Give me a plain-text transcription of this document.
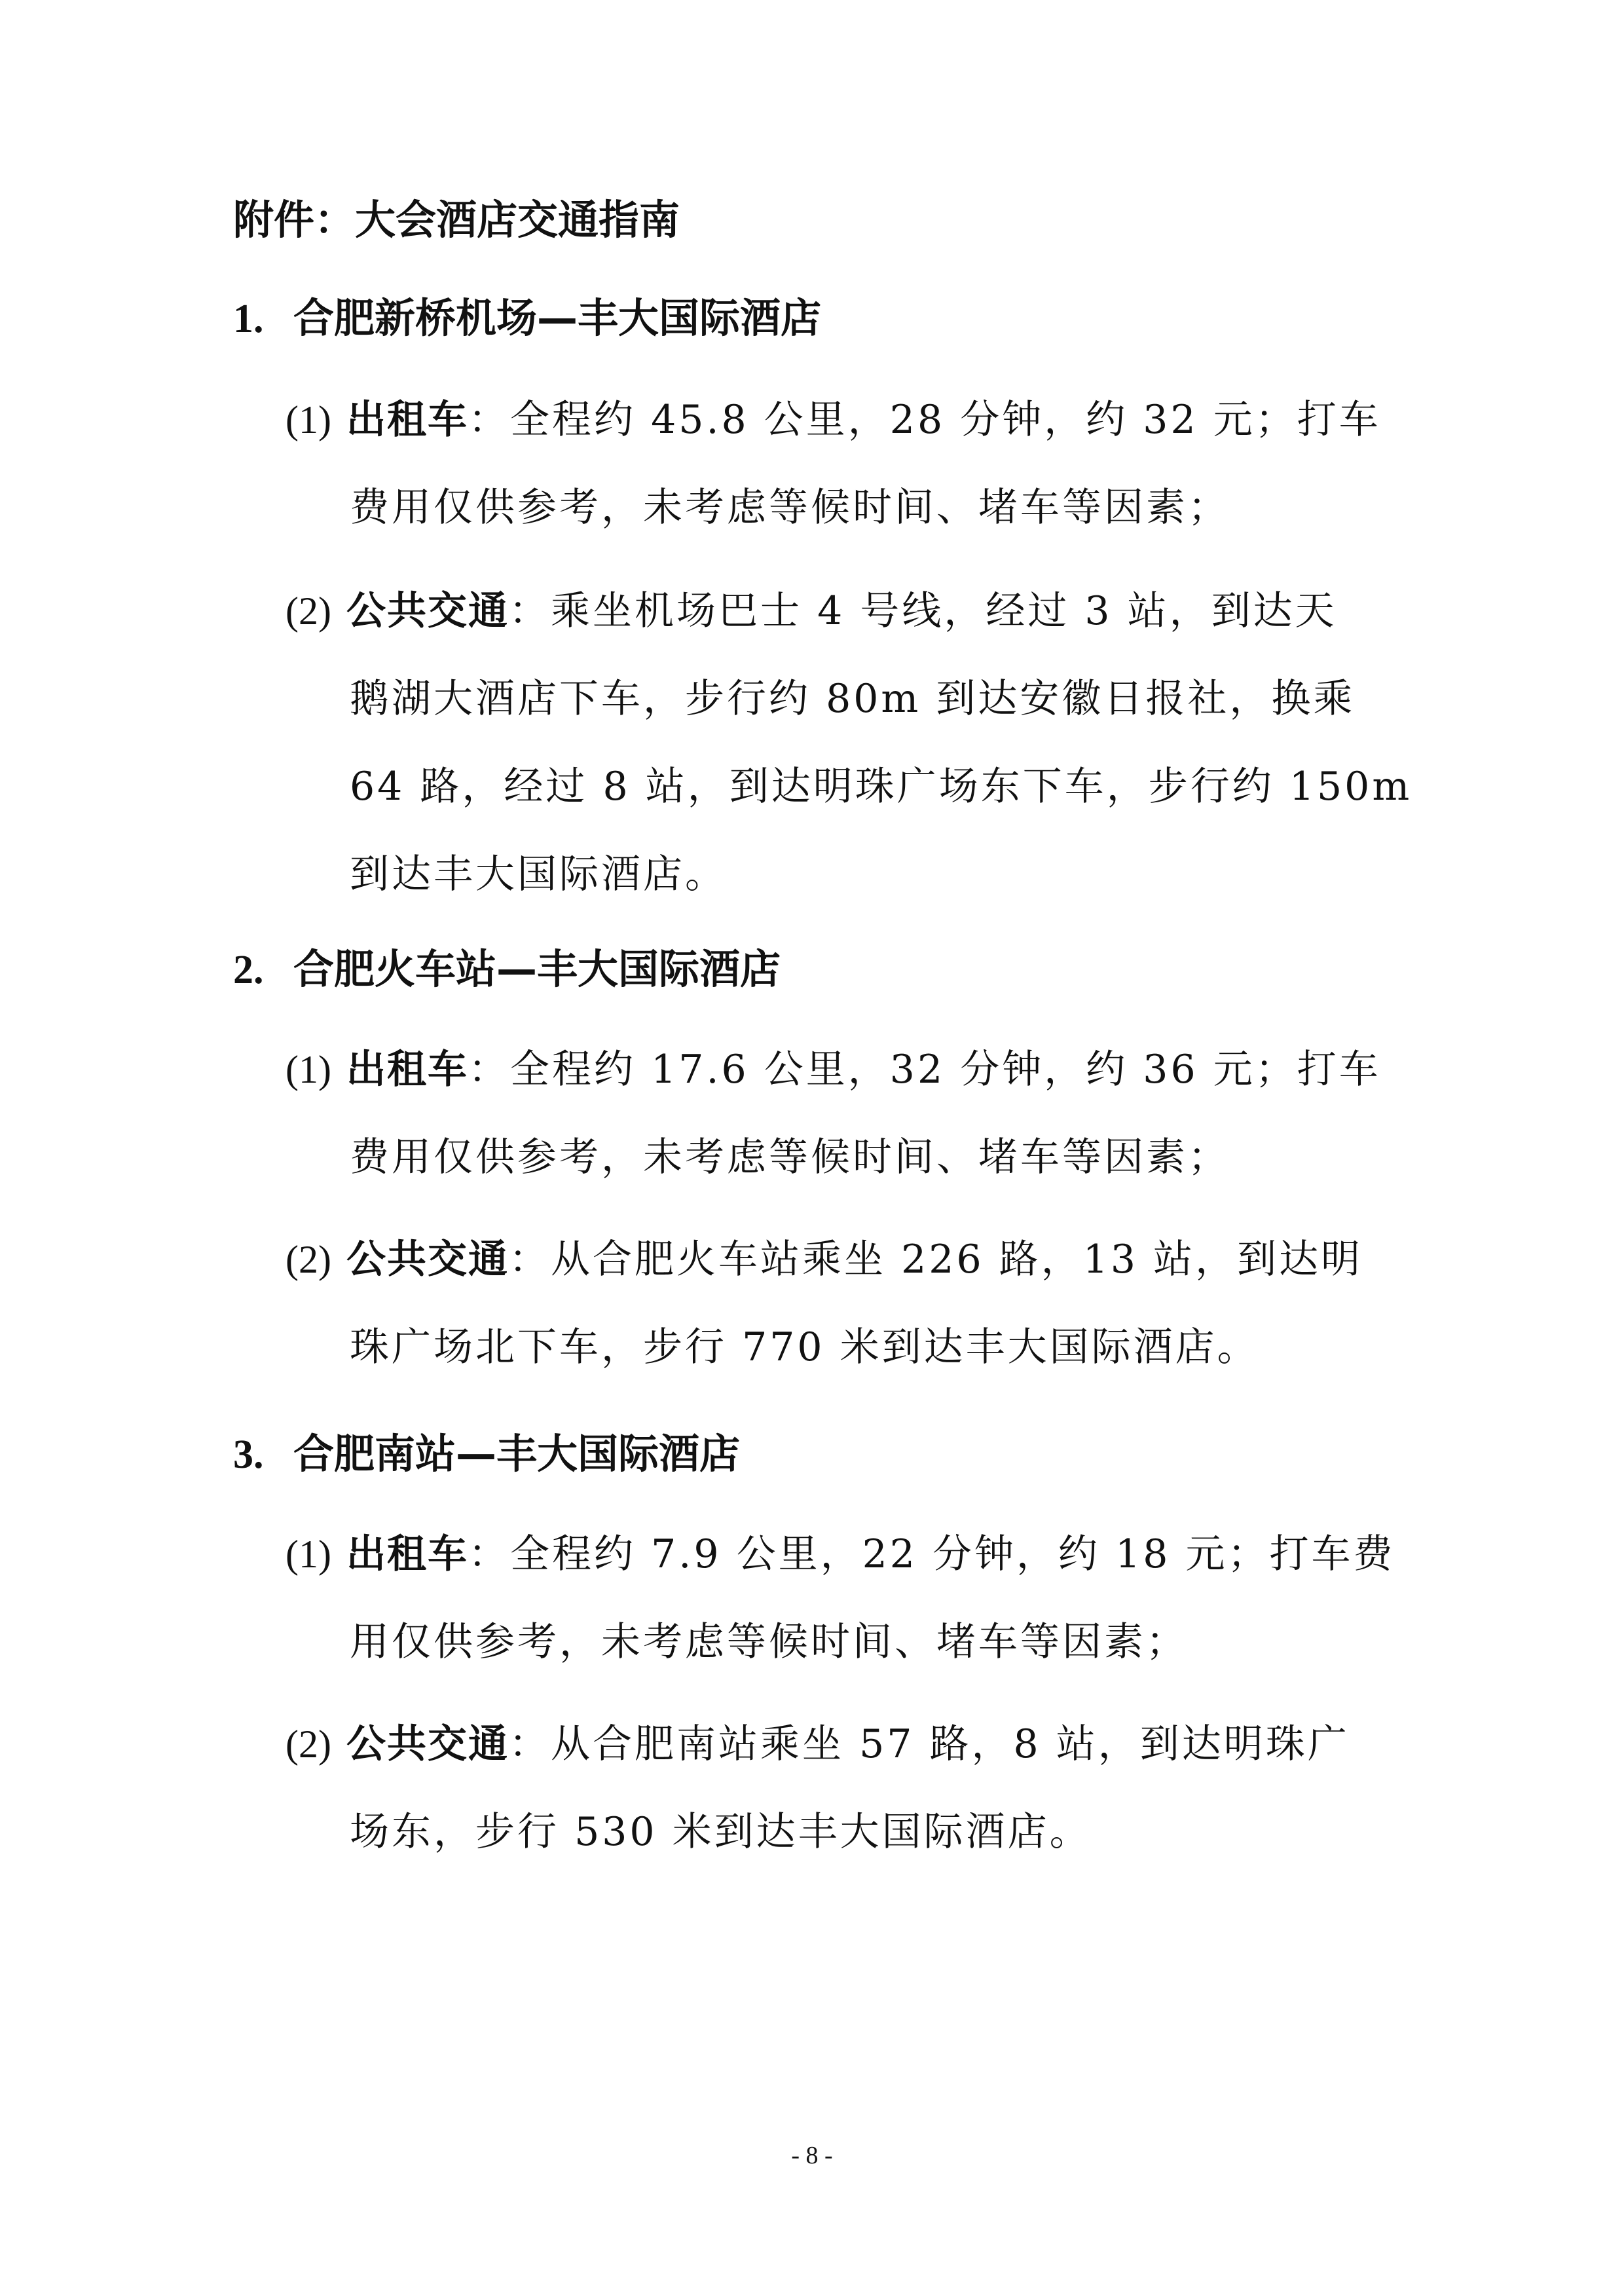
附件：大会酒店交通指南
1. 合肥新桥机场—丰大国际酒店
(1) 出租车：全程约 45.8 公里，28 分钟，约 32 元；打车
费用仅供参考，未考虑等候时间、堵车等因素；
(2) 公共交通：乘坐机场巴士 4 号线，经过 3 站，到达天
鹅湖大酒店下车，步行约 80m 到达安徽日报社，换乘
64 路，经过 8 站，到达明珠广场东下车，步行约 150m
到达丰大国际酒店。
2. 合肥火车站—丰大国际酒店
(1) 出租车：全程约 17.6 公里，32 分钟，约 36 元；打车
费用仅供参考，未考虑等候时间、堵车等因素；
(2) 公共交通：从合肥火车站乘坐 226 路，13 站，到达明
珠广场北下车，步行 770 米到达丰大国际酒店。
3. 合肥南站—丰大国际酒店
(1) 出租车：全程约 7.9 公里，22 分钟，约 18 元；打车费
用仅供参考，未考虑等候时间、堵车等因素；
(2) 公共交通：从合肥南站乘坐 57 路，8 站，到达明珠广
场东，步行 530 米到达丰大国际酒店。
- 8 -
